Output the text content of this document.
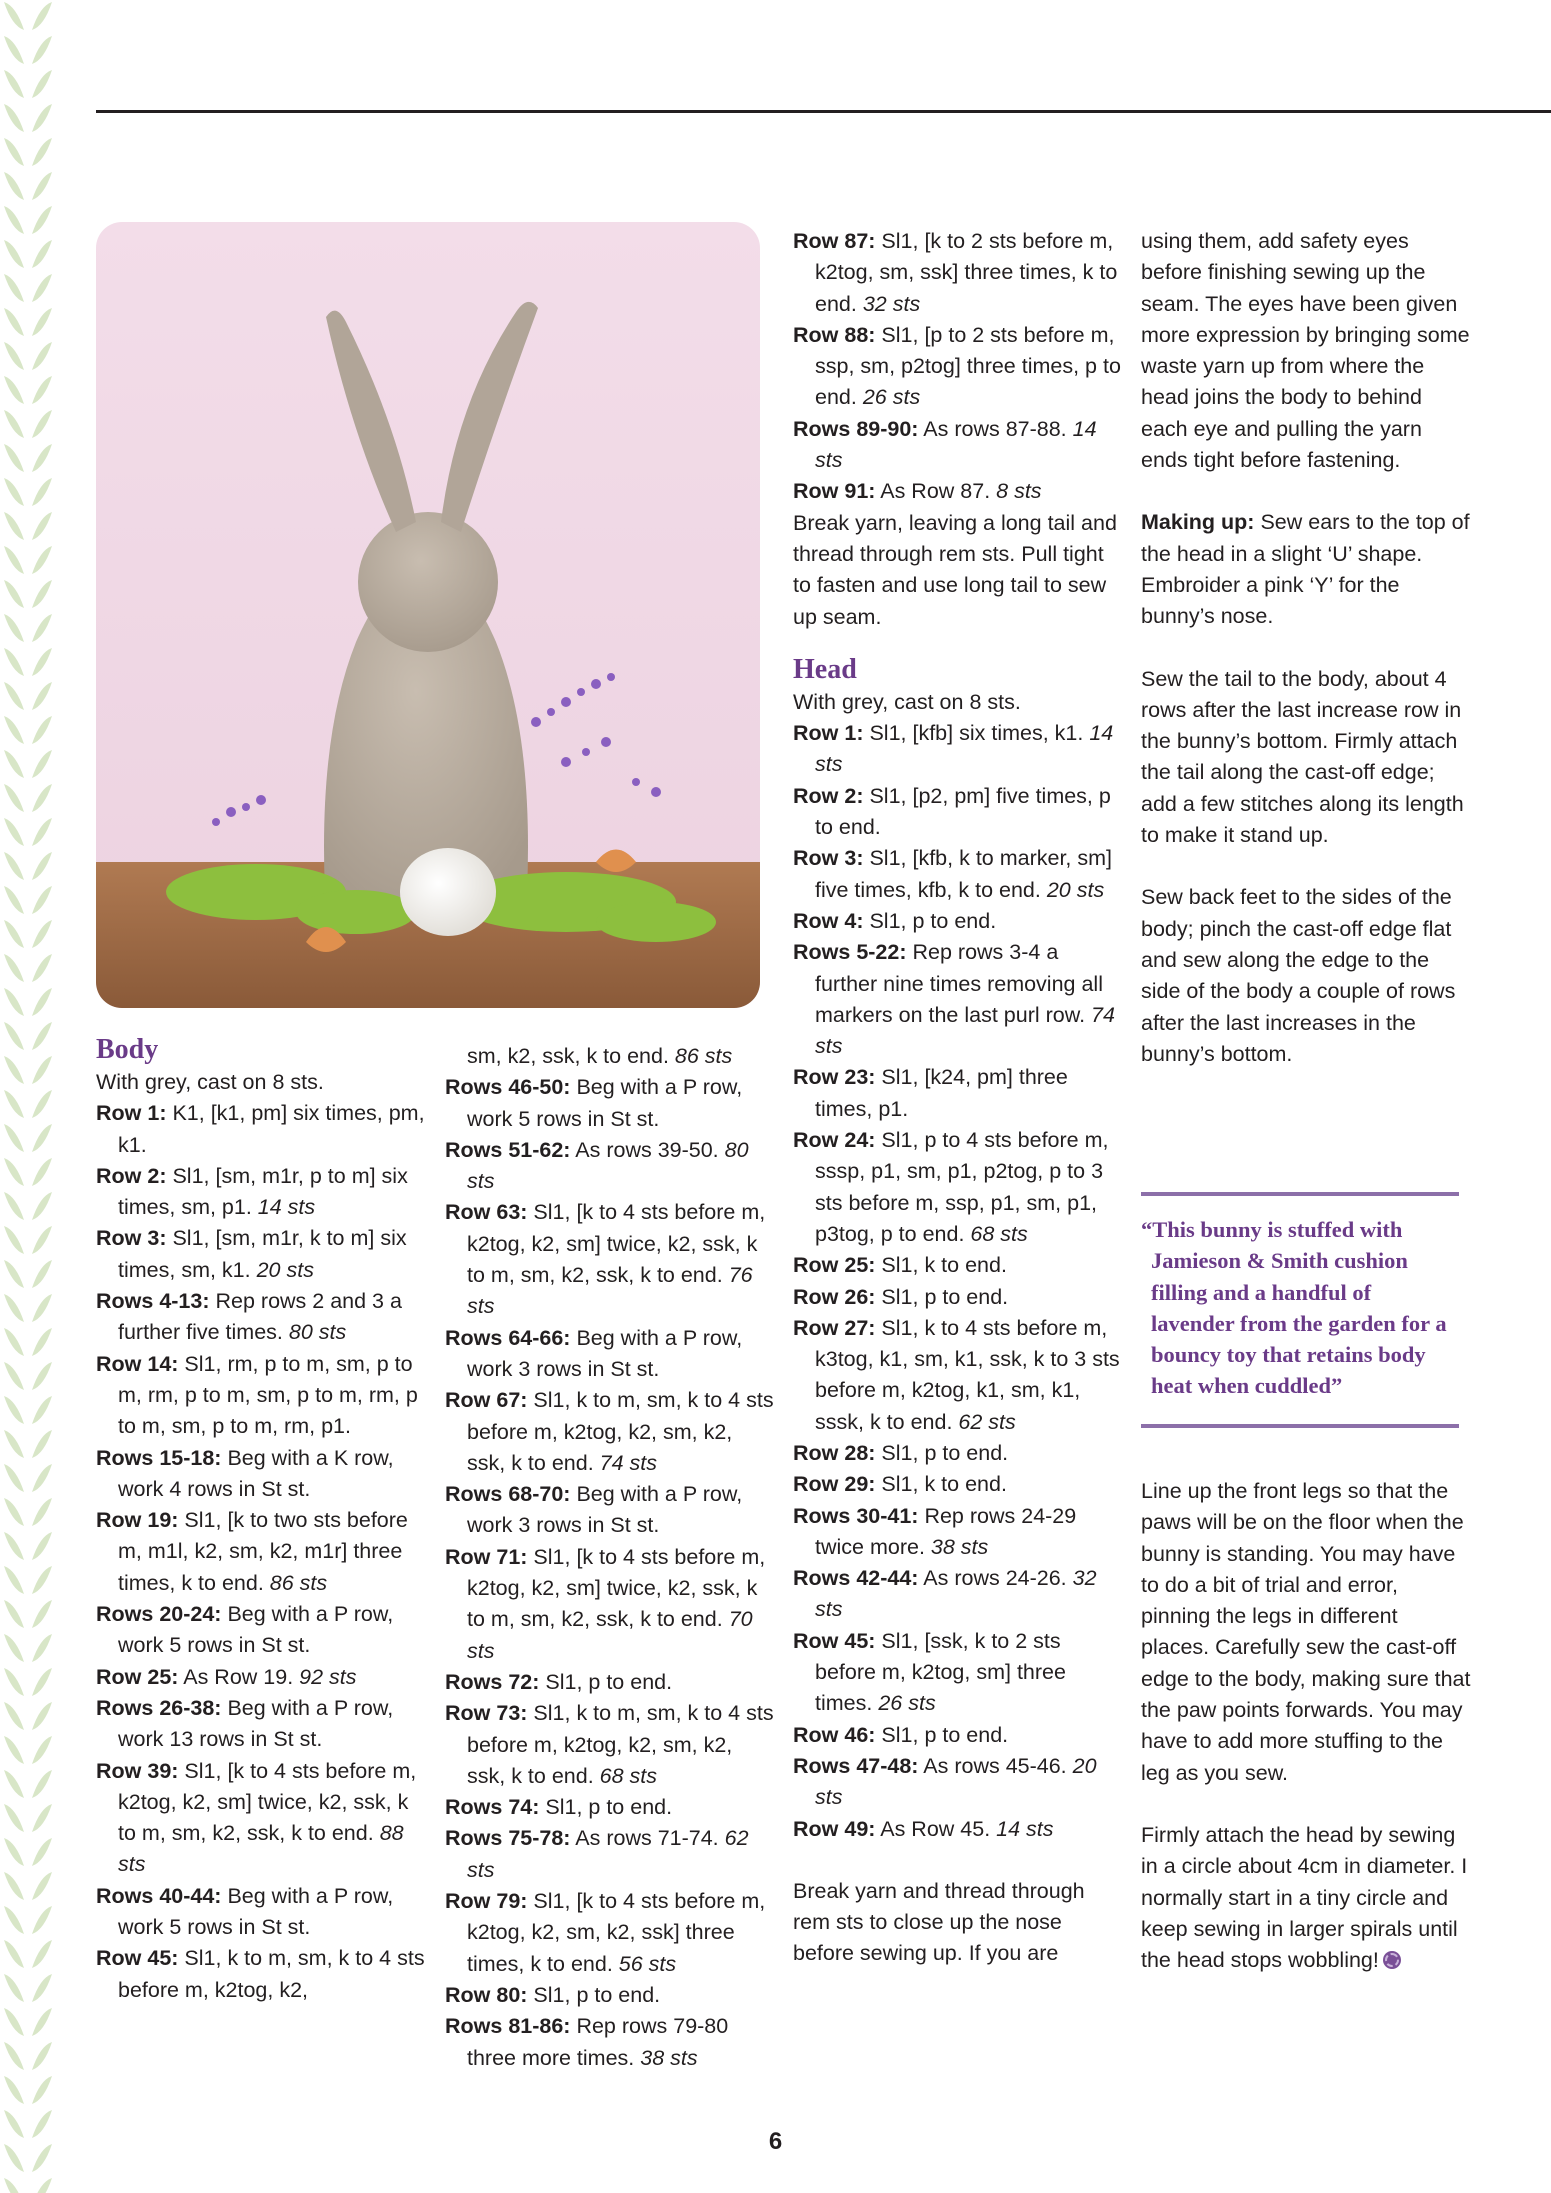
Body

With grey, cast on 8 sts.

Row 1: K1, [k1, pm] six times, pm, k1.

Row 2: Sl1, [sm, m1r, p to m] six times, sm, p1. 14 sts

Row 3: Sl1, [sm, m1r, k to m] six times, sm, k1. 20 sts

Rows 4-13: Rep rows 2 and 3 a further five times. 80 sts

Row 14: Sl1, rm, p to m, sm, p to m, rm, p to m, sm, p to m, rm, p to m, sm, p to m, rm, p1.

Rows 15-18: Beg with a K row, work 4 rows in St st.

Row 19: Sl1, [k to two sts before m, m1l, k2, sm, k2, m1r] three times, k to end. 86 sts

Rows 20-24: Beg with a P row, work 5 rows in St st.

Row 25: As Row 19. 92 sts

Rows 26-38: Beg with a P row, work 13 rows in St st.

Row 39: Sl1, [k to 4 sts before m, k2tog, k2, sm] twice, k2, ssk, k to m, sm, k2, ssk, k to end. 88 sts

Rows 40-44: Beg with a P row, work 5 rows in St st.

Row 45: Sl1, k to m, sm, k to 4 sts before m, k2tog, k2,

sm, k2, ssk, k to end. 86 sts

Rows 46-50: Beg with a P row, work 5 rows in St st.

Rows 51-62: As rows 39-50. 80 sts

Row 63: Sl1, [k to 4 sts before m, k2tog, k2, sm] twice, k2, ssk, k to m, sm, k2, ssk, k to end. 76 sts

Rows 64-66: Beg with a P row, work 3 rows in St st.

Row 67: Sl1, k to m, sm, k to 4 sts before m, k2tog, k2, sm, k2, ssk, k to end. 74 sts

Rows 68-70: Beg with a P row, work 3 rows in St st.

Row 71: Sl1, [k to 4 sts before m, k2tog, k2, sm] twice, k2, ssk, k to m, sm, k2, ssk, k to end. 70 sts

Rows 72: Sl1, p to end.

Row 73: Sl1, k to m, sm, k to 4 sts before m, k2tog, k2, sm, k2, ssk, k to end. 68 sts

Rows 74: Sl1, p to end.

Rows 75-78: As rows 71-74. 62 sts

Row 79: Sl1, [k to 4 sts before m, k2tog, k2, sm, k2, ssk] three times, k to end. 56 sts

Row 80: Sl1, p to end.

Rows 81-86: Rep rows 79-80 three more times. 38 sts

Row 87: Sl1, [k to 2 sts before m, k2tog, sm, ssk] three times, k to end. 32 sts

Row 88: Sl1, [p to 2 sts before m, ssp, sm, p2tog] three times, p to end. 26 sts

Rows 89-90: As rows 87-88. 14 sts

Row 91: As Row 87. 8 sts

Break yarn, leaving a long tail and thread through rem sts. Pull tight to fasten and use long tail to sew up seam.

Head

With grey, cast on 8 sts.

Row 1: Sl1, [kfb] six times, k1. 14 sts

Row 2: Sl1, [p2, pm] five times, p to end.

Row 3: Sl1, [kfb, k to marker, sm] five times, kfb, k to end. 20 sts

Row 4: Sl1, p to end.

Rows 5-22: Rep rows 3-4 a further nine times removing all markers on the last purl row. 74 sts

Row 23: Sl1, [k24, pm] three times, p1.

Row 24: Sl1, p to 4 sts before m, sssp, p1, sm, p1, p2tog, p to 3 sts before m, ssp, p1, sm, p1, p3tog, p to end. 68 sts

Row 25: Sl1, k to end.

Row 26: Sl1, p to end.

Row 27: Sl1, k to 4 sts before m, k3tog, k1, sm, k1, ssk, k to 3 sts before m, k2tog, k1, sm, k1, sssk, k to end. 62 sts

Row 28: Sl1, p to end.

Row 29: Sl1, k to end.

Rows 30-41: Rep rows 24-29 twice more. 38 sts

Rows 42-44: As rows 24-26. 32 sts

Row 45: Sl1, [ssk, k to 2 sts before m, k2tog, sm] three times. 26 sts

Row 46: Sl1, p to end.

Rows 47-48: As rows 45-46. 20 sts

Row 49: As Row 45. 14 sts

Break yarn and thread through rem sts to close up the nose before sewing up. If you are

using them, add safety eyes before finishing sewing up the seam. The eyes have been given more expression by bringing some waste yarn up from where the head joins the body to behind each eye and pulling the yarn ends tight before fastening.

Making up: Sew ears to the top of the head in a slight ‘U’ shape. Embroider a pink ‘Y’ for the bunny’s nose.

Sew the tail to the body, about 4 rows after the last increase row in the bunny’s bottom. Firmly attach the tail along the cast-off edge; add a few stitches along its length to make it stand up.

Sew back feet to the sides of the body; pinch the cast-off edge flat and sew along the edge to the side of the body a couple of rows after the last increases in the bunny’s bottom.

“This bunny is stuffed with

Jamieson & Smith cushion filling and a handful of lavender from the garden for a bouncy toy that retains body heat when cuddled”

Line up the front legs so that the paws will be on the floor when the bunny is standing. You may have to do a bit of trial and error, pinning the legs in different places. Carefully sew the cast-off edge to the body, making sure that the paw points forwards. You may have to add more stuffing to the leg as you sew.

Firmly attach the head by sewing in a circle about 4cm in diameter. I normally start in a tiny circle and keep sewing in larger spirals until the head stops wobbling!

6
